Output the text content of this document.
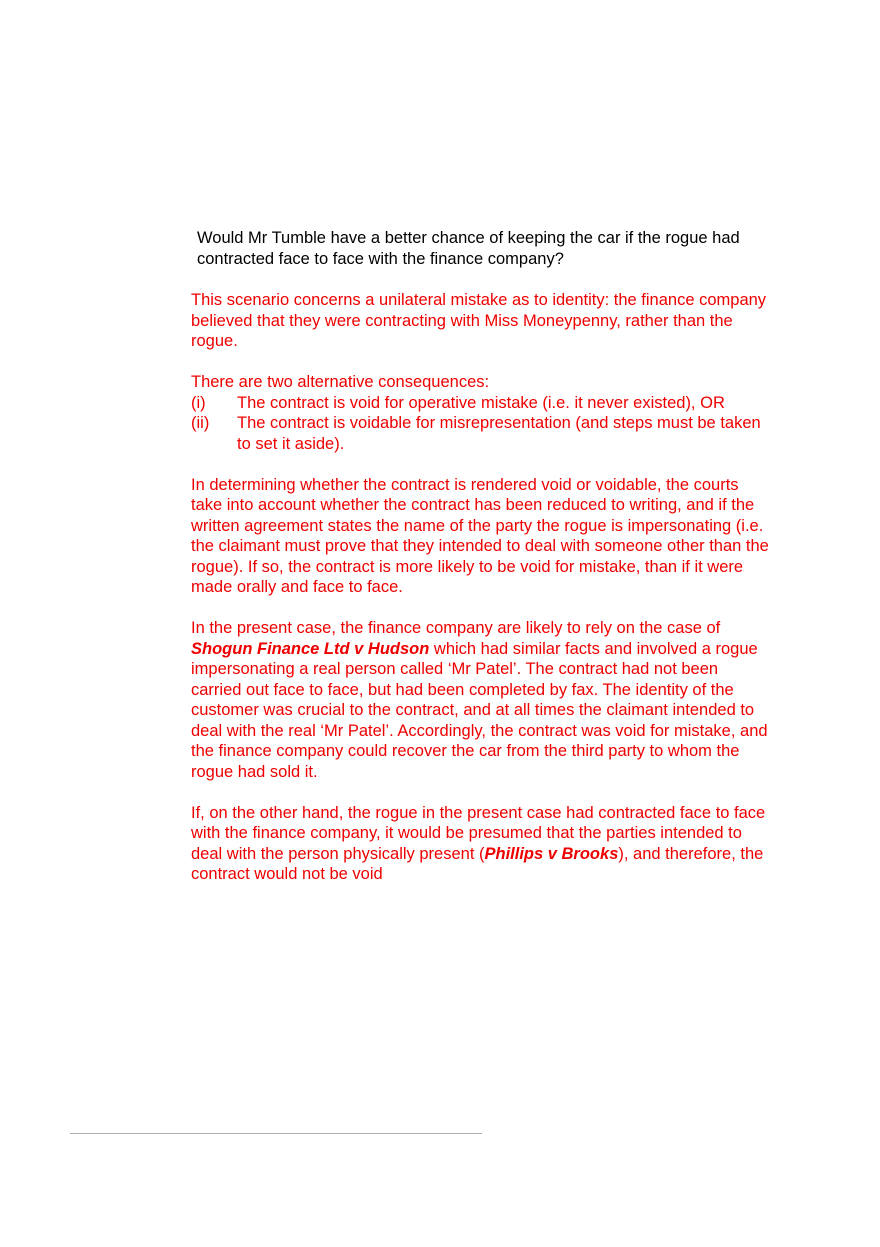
Would Mr Tumble have a better chance of keeping the car if the rogue had contracted face to face with the finance company?

This scenario concerns a unilateral mistake as to identity: the finance company believed that they were contracting with Miss Moneypenny, rather than the rogue.

There are two alternative consequences:
(i)	The contract is void for operative mistake (i.e. it never existed), OR
(ii)	The contract is voidable for misrepresentation (and steps must be taken to set it aside).

In determining whether the contract is rendered void or voidable, the courts take into account whether the contract has been reduced to writing, and if the written agreement states the name of the party the rogue is impersonating (i.e. the claimant must prove that they intended to deal with someone other than the rogue). If so, the contract is more likely to be void for mistake, than if it were made orally and face to face.

In the present case, the finance company are likely to rely on the case of Shogun Finance Ltd v Hudson which had similar facts and involved a rogue impersonating a real person called ‘Mr Patel’. The contract had not been carried out face to face, but had been completed by fax. The identity of the customer was crucial to the contract, and at all times the claimant intended to deal with the real ‘Mr Patel’. Accordingly, the contract was void for mistake, and the finance company could recover the car from the third party to whom the rogue had sold it.

If, on the other hand, the rogue in the present case had contracted face to face with the finance company, it would be presumed that the parties intended to deal with the person physically present (Phillips v Brooks), and therefore, the contract would not be void
